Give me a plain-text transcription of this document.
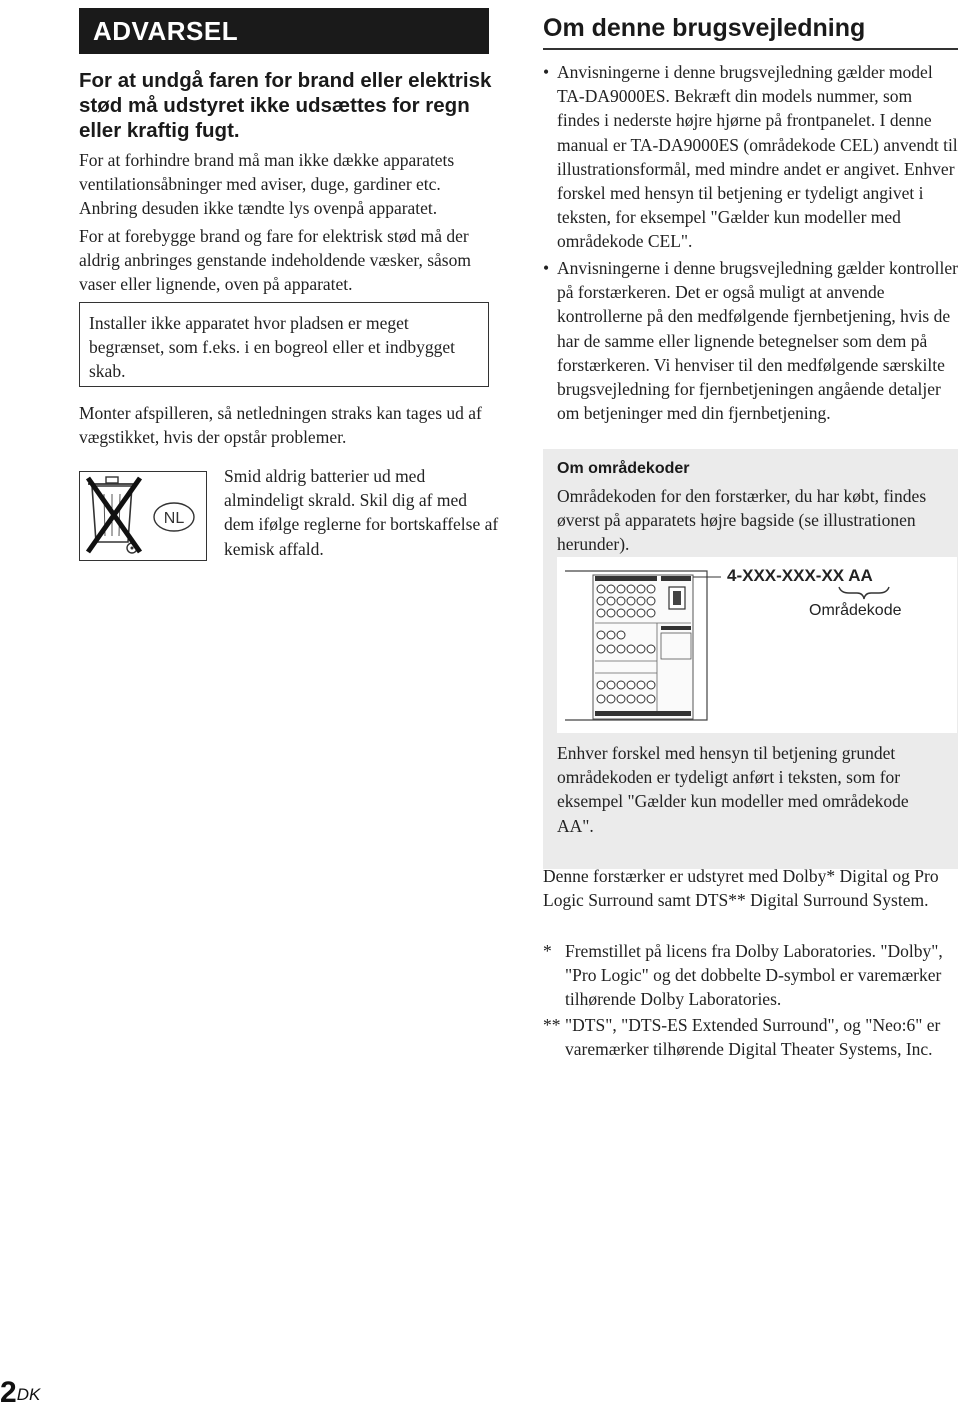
ADVARSEL
For at undgå faren for brand eller elektrisk stød må udstyret ikke udsættes for regn eller kraftig fugt.
For at forhindre brand må man ikke dække apparatets ventilationsåbninger med aviser, duge, gardiner etc. Anbring desuden ikke tændte lys ovenpå apparatet.
For at forebygge brand og fare for elektrisk stød må der aldrig anbringes genstande indeholdende væsker, såsom vaser eller lignende, oven på apparatet.
Installer ikke apparatet hvor pladsen er meget begrænset, som f.eks. i en bogreol eller et indbygget skab.
Monter afspilleren, så netledningen straks kan tages ud af vægstikket, hvis der opstår problemer.
NL
Smid aldrig batterier ud med almindeligt skrald. Skil dig af med dem ifølge reglerne for bortskaffelse af kemisk affald.
Om denne brugsvejledning
• Anvisningerne i denne brugsvejledning gælder model TA-DA9000ES. Bekræft din models nummer, som findes i nederste højre hjørne på frontpanelet. I denne manual er TA-DA9000ES (områdekode CEL) anvendt til illustrationsformål, med mindre andet er angivet. Enhver forskel med hensyn til betjening er tydeligt angivet i teksten, for eksempel "Gælder kun modeller med områdekode CEL".
• Anvisningerne i denne brugsvejledning gælder kontroller på forstærkeren. Det er også muligt at anvende kontrollerne på den medfølgende fjernbetjening, hvis de har de samme eller lignende betegnelser som dem på forstærkeren. Vi henviser til den medfølgende særskilte brugsvejledning for fjernbetjeningen angående detaljer om betjeninger med din fjernbetjening.
Om områdekoder
Områdekoden for den forstærker, du har købt, findes øverst på apparatets højre bagside (se illustrationen herunder).
4-XXX-XXX-XX AA
Områdekode
Enhver forskel med hensyn til betjening grundet områdekoden er tydeligt anført i teksten, som for eksempel "Gælder kun modeller med områdekode AA".
Denne forstærker er udstyret med Dolby* Digital og Pro Logic Surround samt DTS** Digital Surround System.
* Fremstillet på licens fra Dolby Laboratories. "Dolby", "Pro Logic" og det dobbelte D-symbol er varemærker tilhørende Dolby Laboratories.
** "DTS", "DTS-ES Extended Surround", og "Neo:6" er varemærker tilhørende Digital Theater Systems, Inc.
$2^{DK}$
